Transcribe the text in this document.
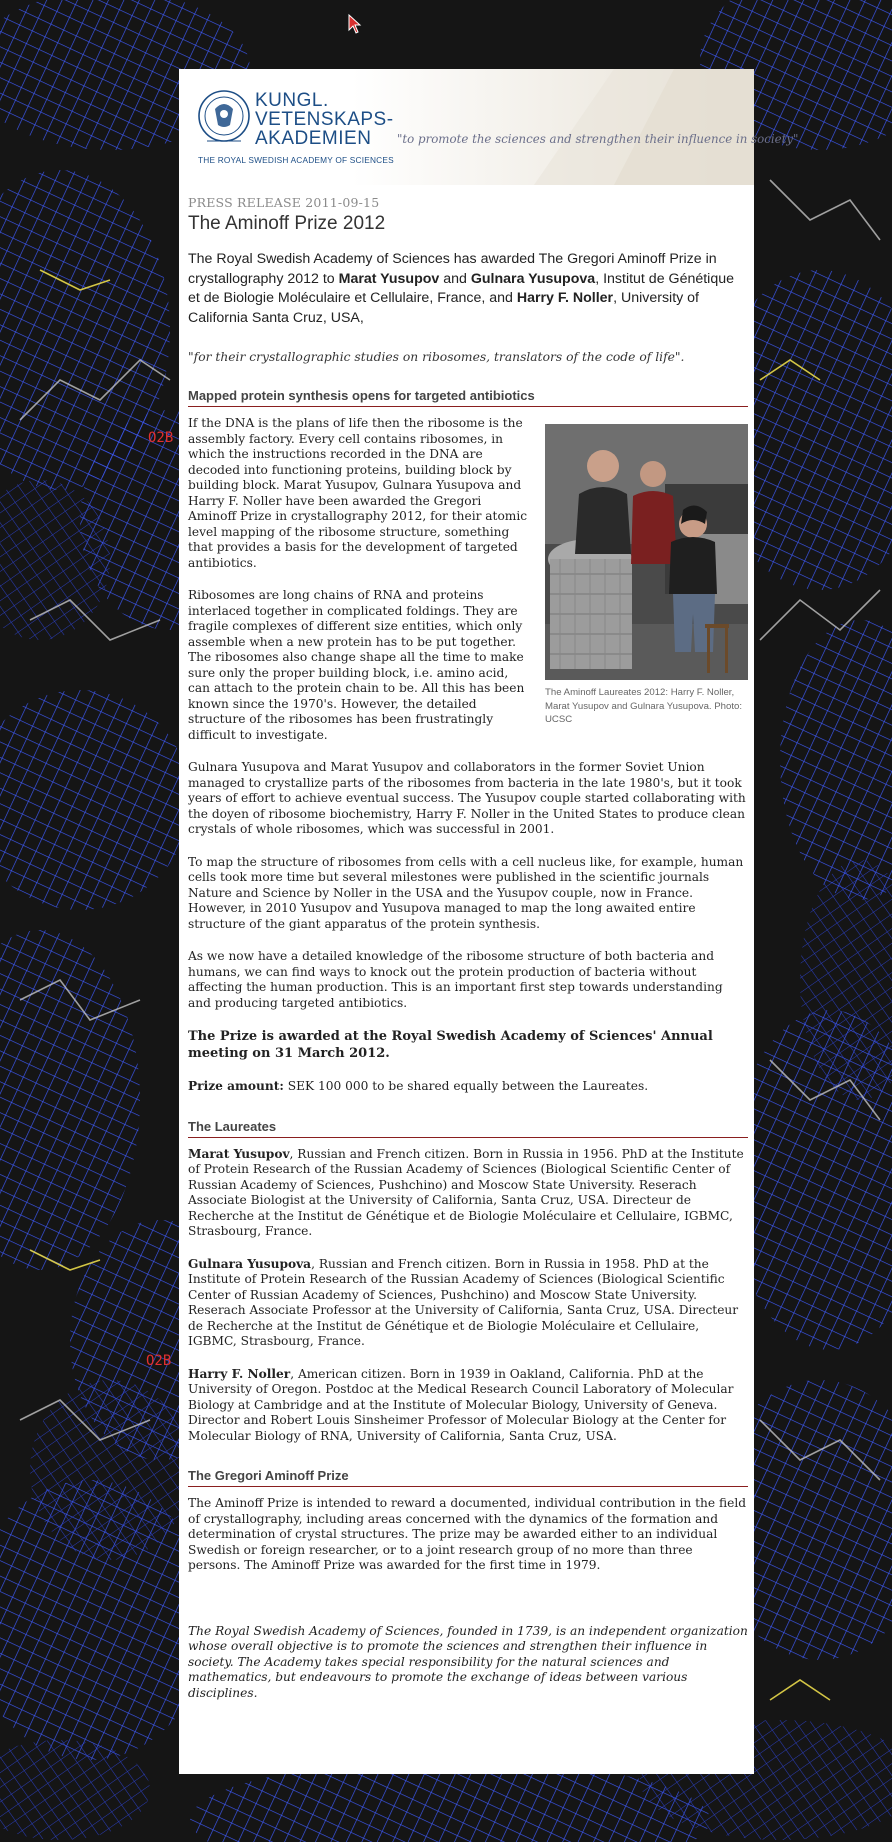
O2B
O2B
KUNGL.
VETENSKAPS-
AKADEMIEN
THE ROYAL SWEDISH ACADEMY OF SCIENCES
"to promote the sciences and strengthen their influence in society"
PRESS RELEASE 2011-09-15
The Aminoff Prize 2012
The Royal Swedish Academy of Sciences has awarded The Gregori Aminoff Prize in crystallography 2012 to Marat Yusupov and Gulnara Yusupova, Institut de Génétique et de Biologie Moléculaire et Cellulaire, France, and Harry F. Noller, University of California Santa Cruz, USA,
"for their crystallographic studies on ribosomes, translators of the code of life".
Mapped protein synthesis opens for targeted antibiotics
The Aminoff Laureates 2012: Harry F. Noller, Marat Yusupov and Gulnara Yusupova. Photo: UCSC
If the DNA is the plans of life then the ribosome is the assembly factory. Every cell contains ribosomes, in which the instructions recorded in the DNA are decoded into functioning proteins, building block by building block. Marat Yusupov, Gulnara Yusupova and Harry F. Noller have been awarded the Gregori Aminoff Prize in crystallography 2012, for their atomic level mapping of the ribosome structure, something that provides a basis for the development of targeted antibiotics.
Ribosomes are long chains of RNA and proteins interlaced together in complicated foldings. They are fragile complexes of different size entities, which only assemble when a new protein has to be put together. The ribosomes also change shape all the time to make sure only the proper building block, i.e. amino acid, can attach to the protein chain to be. All this has been known since the 1970's. However, the detailed structure of the ribosomes has been frustratingly difficult to investigate.
Gulnara Yusupova and Marat Yusupov and collaborators in the former Soviet Union managed to crystallize parts of the ribosomes from bacteria in the late 1980's, but it took years of effort to achieve eventual success. The Yusupov couple started collaborating with the doyen of ribosome biochemistry, Harry F. Noller in the United States to produce clean crystals of whole ribosomes, which was successful in 2001.
To map the structure of ribosomes from cells with a cell nucleus like, for example, human cells took more time but several milestones were published in the scientific journals Nature and Science by Noller in the USA and the Yusupov couple, now in France. However, in 2010 Yusupov and Yusupova managed to map the long awaited entire structure of the giant apparatus of the protein synthesis.
As we now have a detailed knowledge of the ribosome structure of both bacteria and humans, we can find ways to knock out the protein production of bacteria without affecting the human production. This is an important first step towards understanding and producing targeted antibiotics.
The Prize is awarded at the Royal Swedish Academy of Sciences' Annual meeting on 31 March 2012.
Prize amount: SEK 100 000 to be shared equally between the Laureates.
The Laureates
Marat Yusupov, Russian and French citizen. Born in Russia in 1956. PhD at the Institute of Protein Research of the Russian Academy of Sciences (Biological Scientific Center of Russian Academy of Sciences, Pushchino) and Moscow State University. Reserach Associate Biologist at the University of California, Santa Cruz, USA. Directeur de Recherche at the Institut de Génétique et de Biologie Moléculaire et Cellulaire, IGBMC, Strasbourg, France.
Gulnara Yusupova, Russian and French citizen. Born in Russia in 1958. PhD at the Institute of Protein Research of the Russian Academy of Sciences (Biological Scientific Center of Russian Academy of Sciences, Pushchino) and Moscow State University. Reserach Associate Professor at the University of California, Santa Cruz, USA. Directeur de Recherche at the Institut de Génétique et de Biologie Moléculaire et Cellulaire, IGBMC, Strasbourg, France.
Harry F. Noller, American citizen. Born in 1939 in Oakland, California. PhD at the University of Oregon. Postdoc at the Medical Research Council Laboratory of Molecular Biology at Cambridge and at the Institute of Molecular Biology, University of Geneva. Director and Robert Louis Sinsheimer Professor of Molecular Biology at the Center for Molecular Biology of RNA, University of California, Santa Cruz, USA.
The Gregori Aminoff Prize
The Aminoff Prize is intended to reward a documented, individual contribution in the field of crystallography, including areas concerned with the dynamics of the formation and determination of crystal structures. The prize may be awarded either to an individual Swedish or foreign researcher, or to a joint research group of no more than three persons. The Aminoff Prize was awarded for the first time in 1979.
The Royal Swedish Academy of Sciences, founded in 1739, is an independent organization whose overall objective is to promote the sciences and strengthen their influence in society. The Academy takes special responsibility for the natural sciences and mathematics, but endeavours to promote the exchange of ideas between various disciplines.
